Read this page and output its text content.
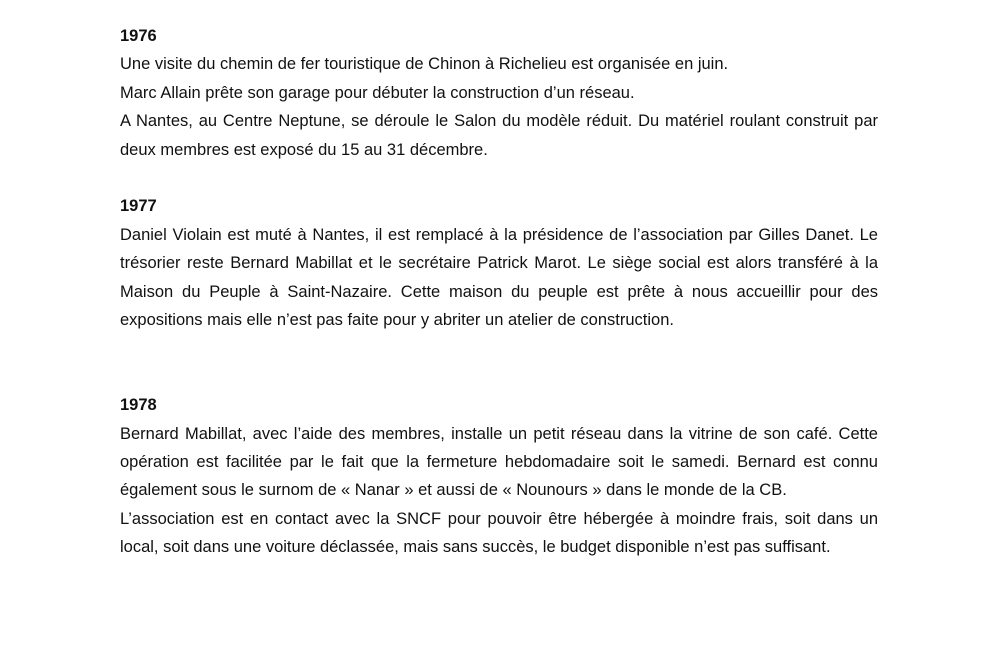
1976

Une visite du chemin de fer touristique de Chinon à Richelieu est organisée en juin.

Marc Allain prête son garage pour débuter la construction d’un réseau.

A Nantes, au Centre Neptune, se déroule le Salon du modèle réduit. Du matériel roulant construit par deux membres est exposé du 15 au 31 décembre.

1977

Daniel Violain est muté à Nantes, il est remplacé à la présidence de l’association par Gilles Danet. Le trésorier reste Bernard Mabillat et le secrétaire Patrick Marot. Le siège social est alors transféré à la Maison du Peuple à Saint-Nazaire. Cette maison du peuple est prête à nous accueillir pour des expositions mais elle n’est pas faite pour y abriter un atelier de construction.

1978

Bernard Mabillat, avec l’aide des membres, installe un petit réseau dans la vitrine de son café. Cette opération est facilitée par le fait que la fermeture hebdomadaire soit le samedi. Bernard est connu également sous le surnom de « Nanar » et aussi de « Nounours » dans le monde de la CB.

L’association est en contact avec la SNCF pour pouvoir être hébergée à moindre frais, soit dans un local, soit dans une voiture déclassée, mais sans succès, le budget disponible n’est pas suffisant.
